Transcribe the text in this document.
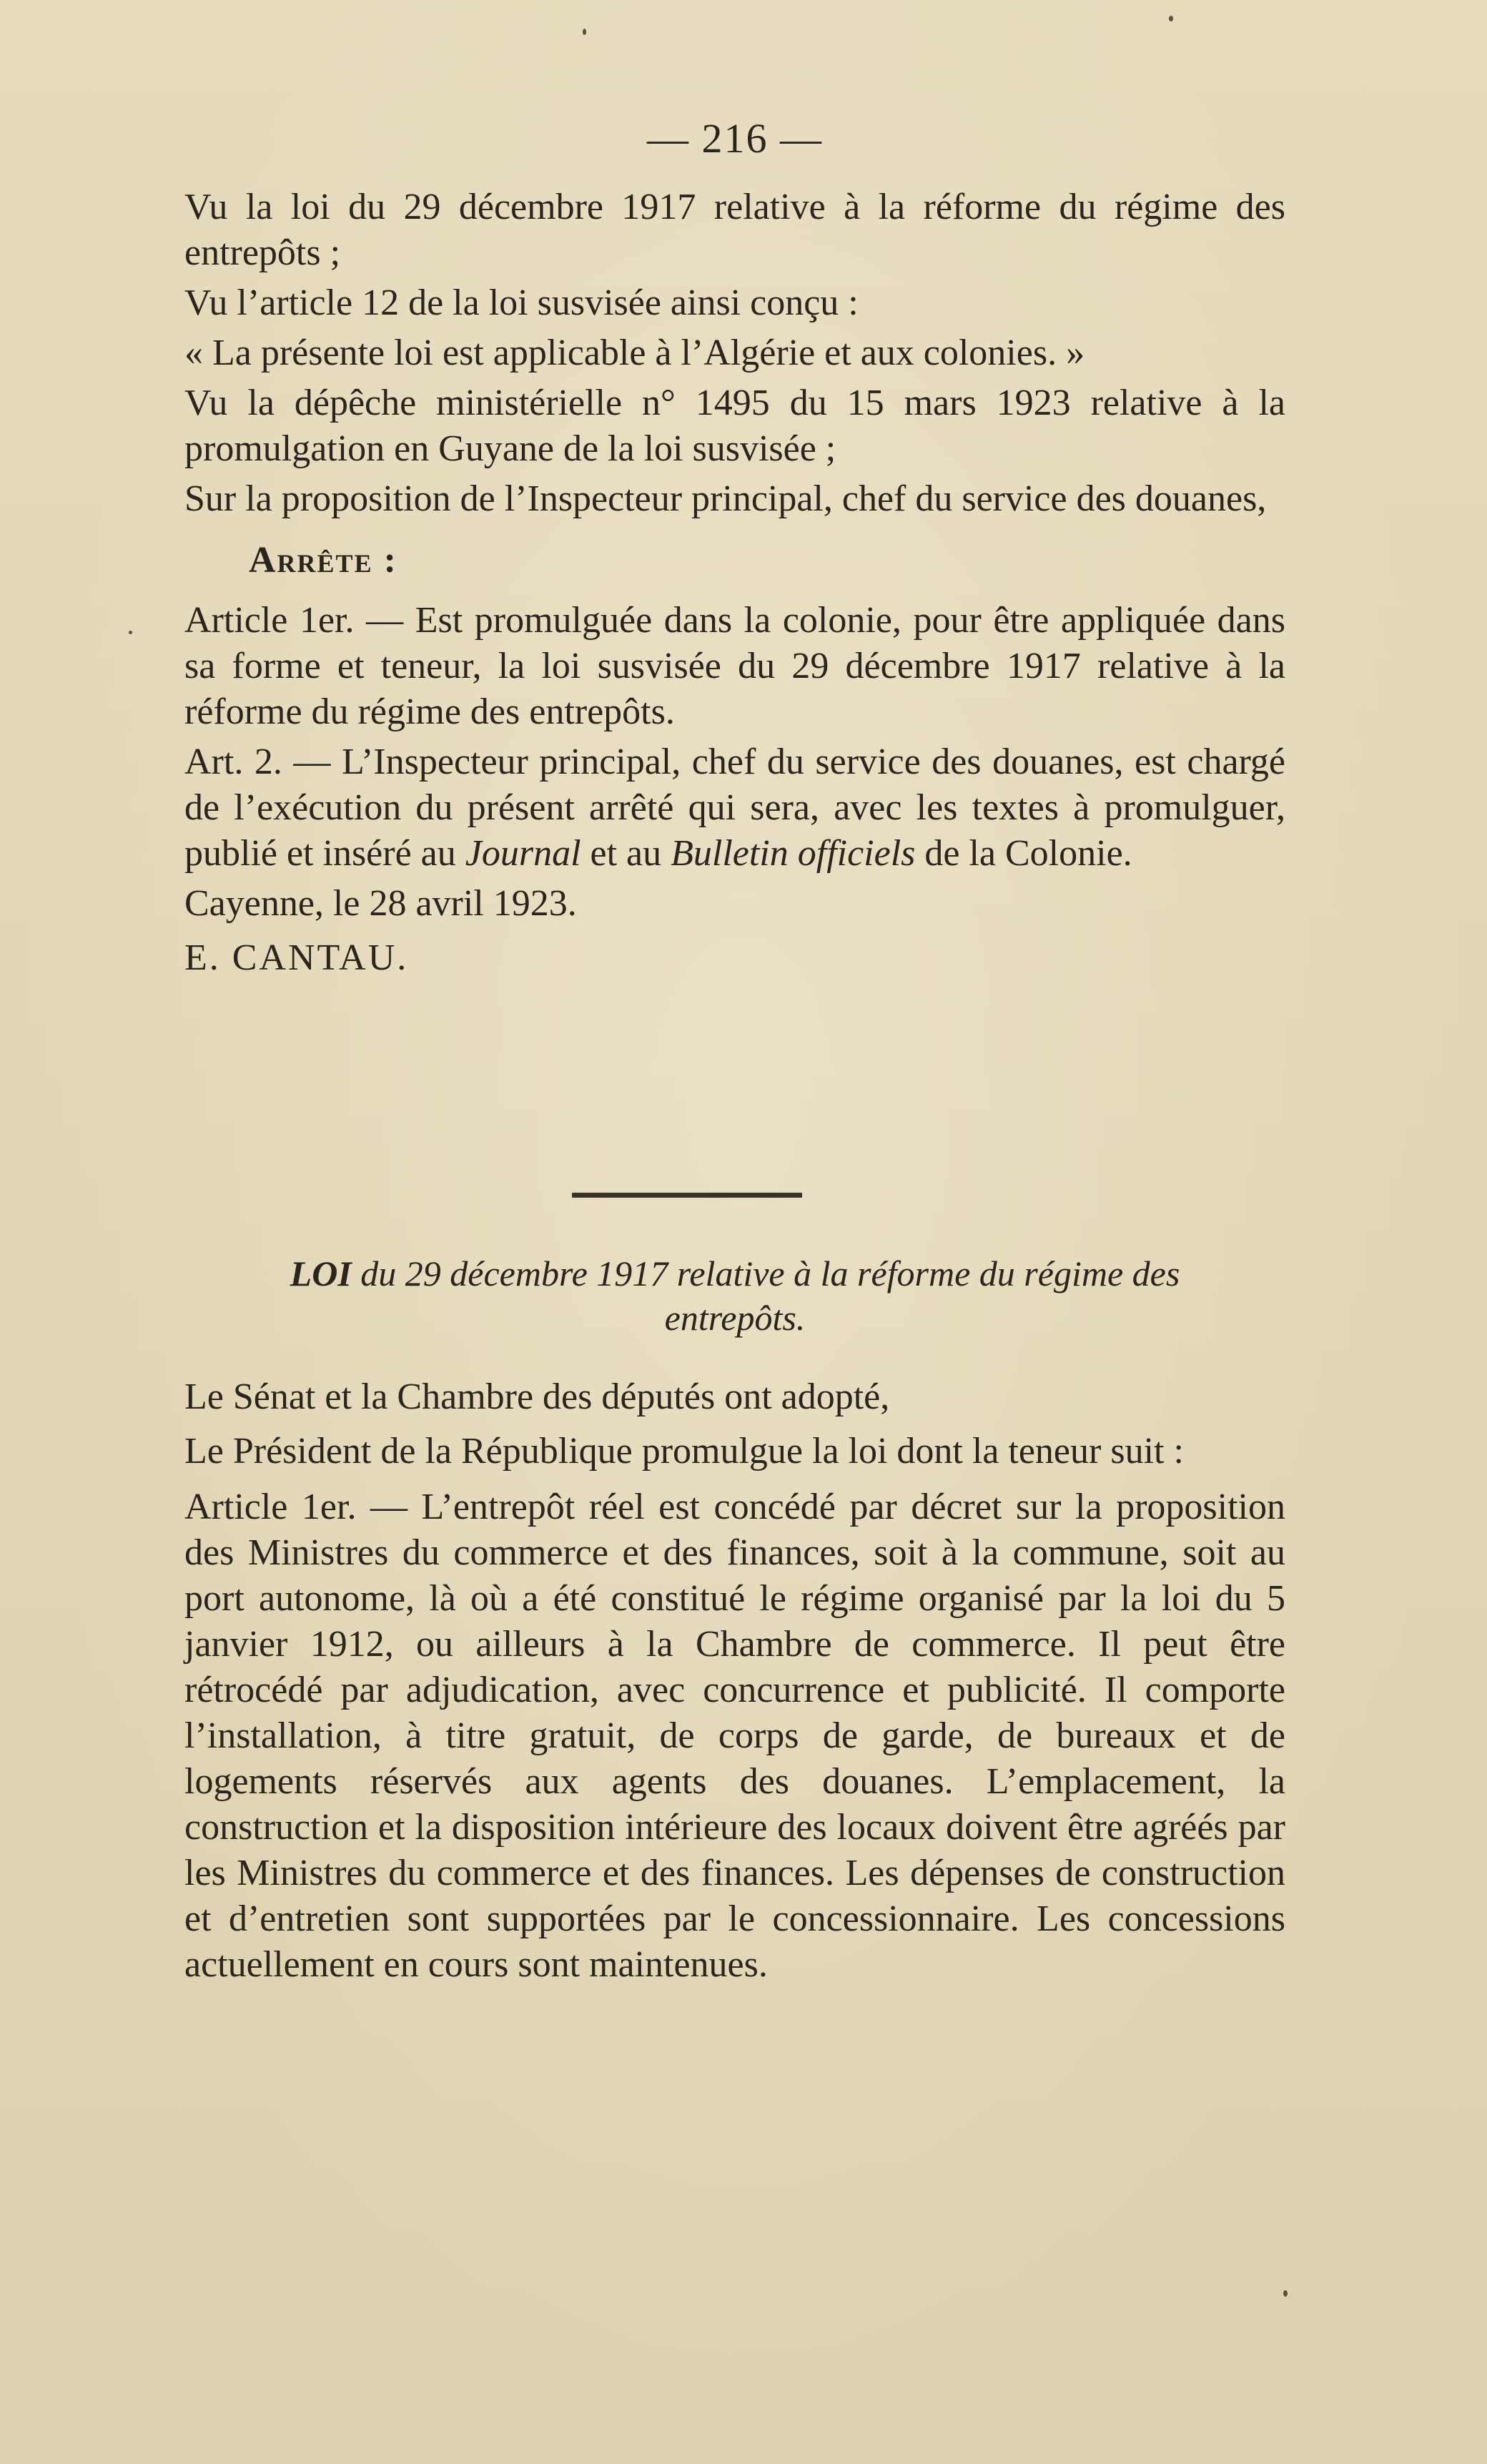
— 216 —

Vu la loi du 29 décembre 1917 relative à la réforme du régime des entrepôts ;

Vu l’article 12 de la loi susvisée ainsi conçu :

« La présente loi est applicable à l’Algérie et aux colonies. »

Vu la dépêche ministérielle n° 1495 du 15 mars 1923 relative à la promulgation en Guyane de la loi susvisée ;

Sur la proposition de l’Inspecteur principal, chef du service des douanes,

Arrête :

Article 1er. — Est promulguée dans la colonie, pour être appliquée dans sa forme et teneur, la loi susvisée du 29 décembre 1917 relative à la réforme du régime des entrepôts.

Art. 2. — L’Inspecteur principal, chef du service des douanes, est chargé de l’exécution du présent arrêté qui sera, avec les textes à promulguer, publié et inséré au Journal et au Bulletin officiels de la Colonie.

Cayenne, le 28 avril 1923.

E. CANTAU.

LOI du 29 décembre 1917 relative à la réforme du régime des entrepôts.

Le Sénat et la Chambre des députés ont adopté,

Le Président de la République promulgue la loi dont la teneur suit :

Article 1er. — L’entrepôt réel est concédé par décret sur la proposition des Ministres du commerce et des finances, soit à la commune, soit au port autonome, là où a été constitué le régime organisé par la loi du 5 janvier 1912, ou ailleurs à la Chambre de commerce. Il peut être rétrocédé par adjudication, avec concurrence et publicité. Il comporte l’installation, à titre gratuit, de corps de garde, de bureaux et de logements réservés aux agents des douanes. L’emplacement, la construction et la disposition intérieure des locaux doivent être agréés par les Ministres du commerce et des finances. Les dépenses de construction et d’entretien sont supportées par le concessionnaire. Les concessions actuellement en cours sont maintenues.
